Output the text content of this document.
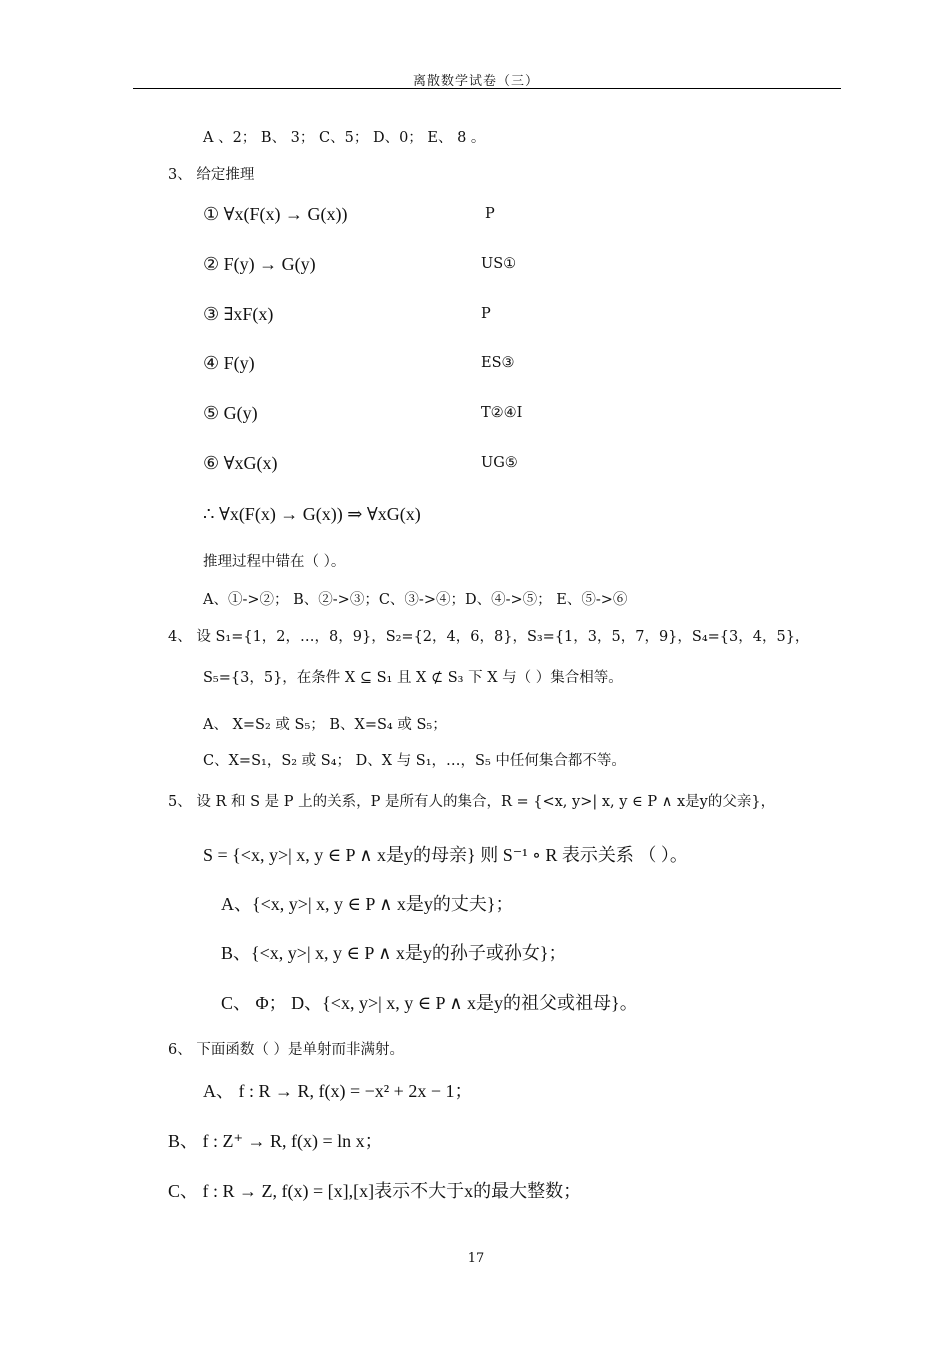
离散数学试卷（三）
A 、2； B、 3； C、5； D、0； E、 8 。
3、 给定推理
① ∀x(F(x) → G(x))	P
② F(y) → G(y)	US①
③ ∃xF(x)	P
④ F(y)	ES③
⑤ G(y)	T②④I
⑥ ∀xG(x)	UG⑤
∴ ∀x(F(x) → G(x)) ⇒ ∀xG(x)
推理过程中错在（ ）。
A、①->②； B、②->③；C、③->④；D、④->⑤； E、⑤->⑥
4、 设 S₁={1，2，…，8，9}，S₂={2，4，6，8}，S₃={1，3，5，7，9}，S₄={3，4，5}，
S₅={3，5}，在条件 X ⊆ S₁ 且 X ⊄ S₃ 下 X 与（ ）集合相等。
A、 X=S₂ 或 S₅； B、X=S₄ 或 S₅；
C、X=S₁，S₂ 或 S₄； D、X 与 S₁，…，S₅ 中任何集合都不等。
5、 设 R 和 S 是 P 上的关系，P 是所有人的集合，R = {<x, y>| x, y ∈ P ∧ x是y的父亲}，
S = {<x, y>| x, y ∈ P ∧ x是y的母亲} 则 S⁻¹ ∘ R 表示关系 （ ）。
A、{<x, y>| x, y ∈ P ∧ x是y的丈夫}；
B、{<x, y>| x, y ∈ P ∧ x是y的孙子或孙女}；
C、 Φ； D、{<x, y>| x, y ∈ P ∧ x是y的祖父或祖母}。
6、 下面函数（ ）是单射而非满射。
A、 f : R → R, f(x) = −x² + 2x − 1；
B、 f : Z⁺ → R, f(x) = ln x；
C、 f : R → Z, f(x) = [x],[x]表示不大于x的最大整数；
17
